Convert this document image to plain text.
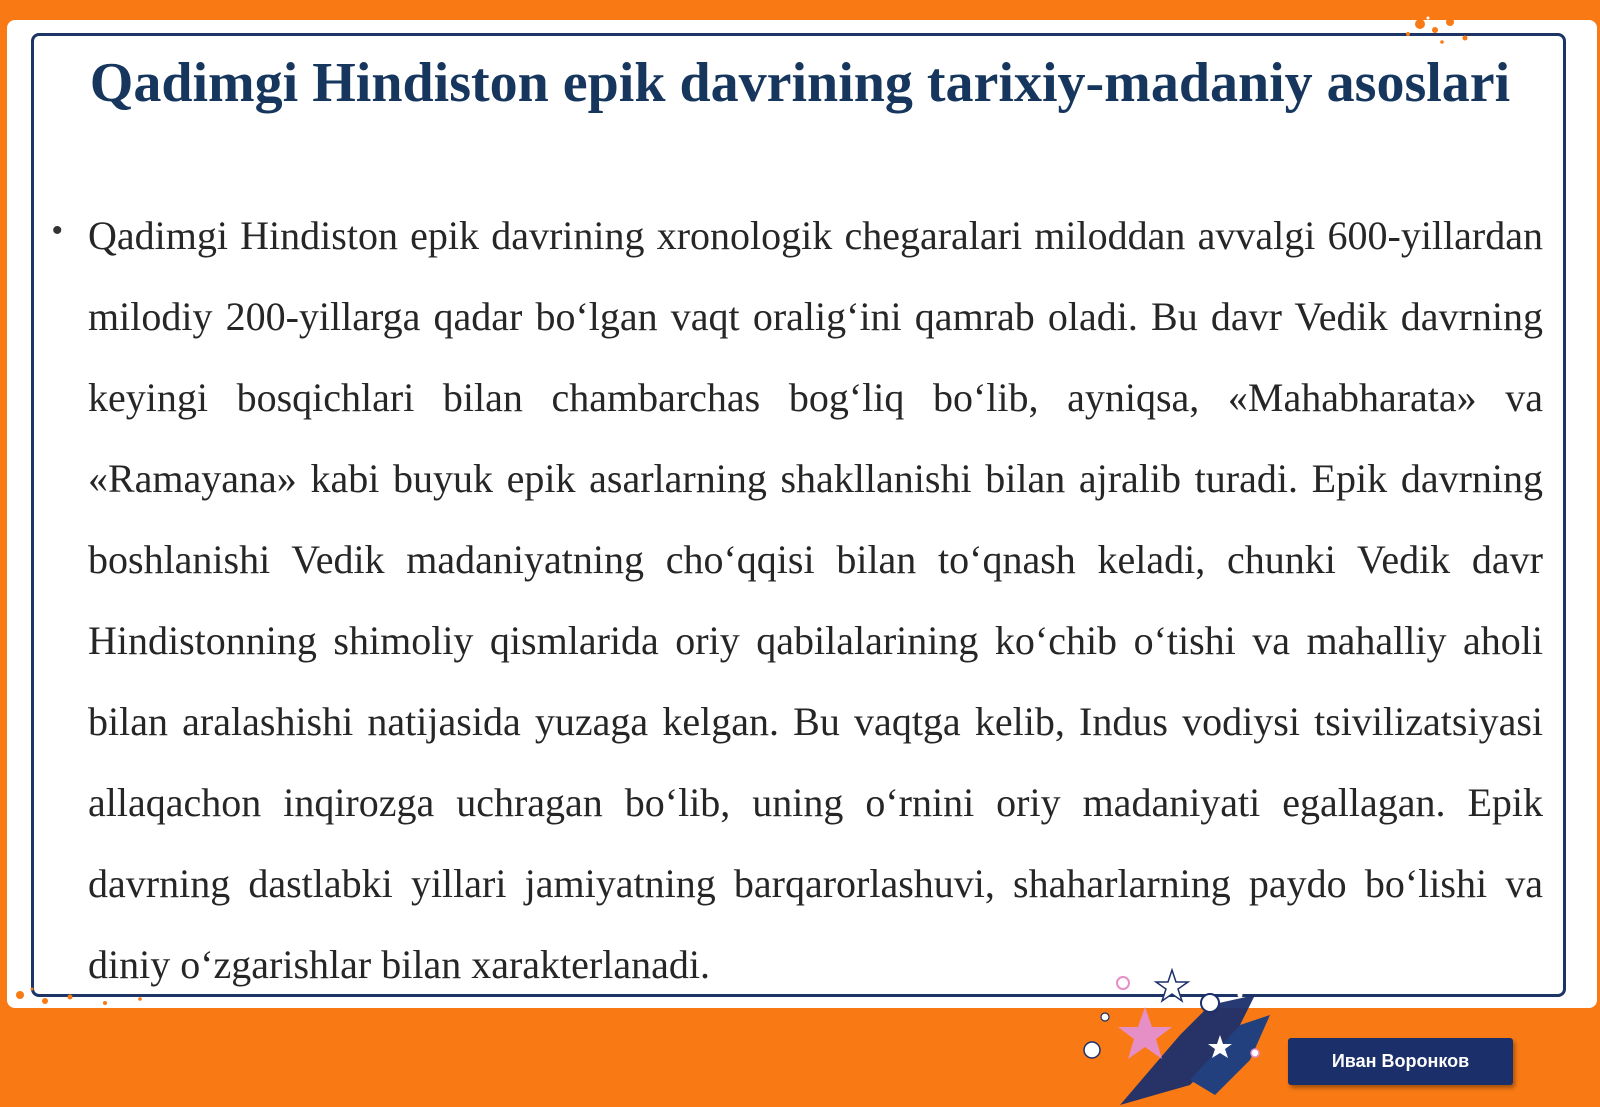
Qadimgi Hindiston epik davrining tarixiy-madaniy asoslari
• Qadimgi Hindiston epik davrining xronologik chegaralari miloddan avvalgi 600-yillardan milodiy 200-yillarga qadar bo‘lgan vaqt oralig‘ini qamrab oladi. Bu davr Vedik davrning keyingi bosqichlari bilan chambarchas bog‘liq bo‘lib, ayniqsa, «Mahabharata» va «Ramayana» kabi buyuk epik asarlarning shakllanishi bilan ajralib turadi. Epik davrning boshlanishi Vedik madaniyatning cho‘qqisi bilan to‘qnash keladi, chunki Vedik davr Hindistonning shimoliy qismlarida oriy qabilalarining ko‘chib o‘tishi va mahalliy aholi bilan aralashishi natijasida yuzaga kelgan. Bu vaqtga kelib, Indus vodiysi tsivilizatsiyasi allaqachon inqirozga uchragan bo‘lib, uning o‘rnini oriy madaniyati egallagan. Epik davrning dastlabki yillari jamiyatning barqarorlashuvi, shaharlarning paydo bo‘lishi va diniy o‘zgarishlar bilan xarakterlanadi.
Иван Воронков
